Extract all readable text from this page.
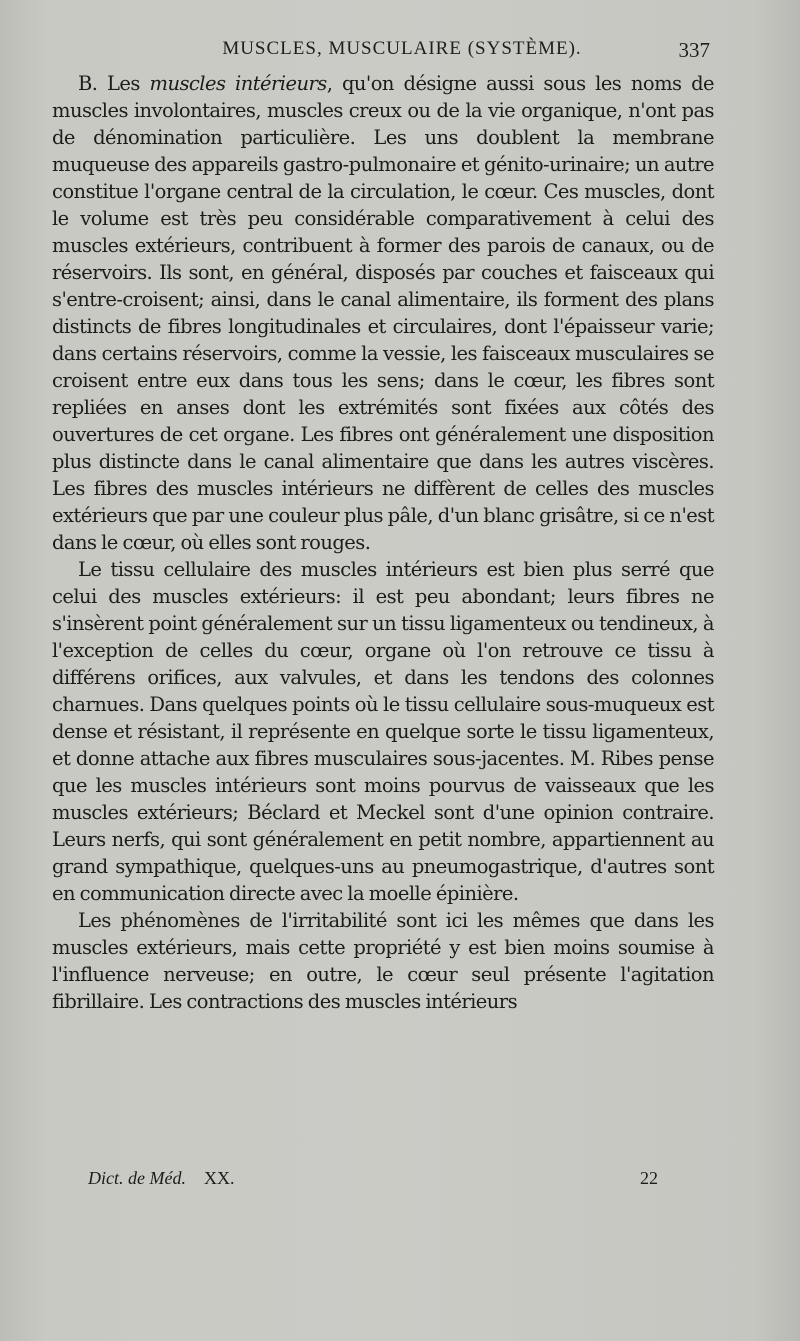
MUSCLES, MUSCULAIRE (SYSTÈME).	337

B. Les muscles intérieurs, qu'on désigne aussi sous les noms de muscles involontaires, muscles creux ou de la vie organique, n'ont pas de dénomination particulière. Les uns doublent la membrane muqueuse des appareils gastro-pulmonaire et génito-urinaire; un autre constitue l'organe central de la circulation, le cœur. Ces muscles, dont le volume est très peu considérable comparativement à celui des muscles extérieurs, contribuent à former des parois de canaux, ou de réservoirs. Ils sont, en général, disposés par couches et faisceaux qui s'entre-croisent; ainsi, dans le canal alimentaire, ils forment des plans distincts de fibres longitudinales et circulaires, dont l'épaisseur varie; dans certains réservoirs, comme la vessie, les faisceaux musculaires se croisent entre eux dans tous les sens; dans le cœur, les fibres sont repliées en anses dont les extrémités sont fixées aux côtés des ouvertures de cet organe. Les fibres ont généralement une disposition plus distincte dans le canal alimentaire que dans les autres viscères. Les fibres des muscles intérieurs ne diffèrent de celles des muscles extérieurs que par une couleur plus pâle, d'un blanc grisâtre, si ce n'est dans le cœur, où elles sont rouges.

Le tissu cellulaire des muscles intérieurs est bien plus serré que celui des muscles extérieurs: il est peu abondant; leurs fibres ne s'insèrent point généralement sur un tissu ligamenteux ou tendineux, à l'exception de celles du cœur, organe où l'on retrouve ce tissu à différens orifices, aux valvules, et dans les tendons des colonnes charnues. Dans quelques points où le tissu cellulaire sous-muqueux est dense et résistant, il représente en quelque sorte le tissu ligamenteux, et donne attache aux fibres musculaires sous-jacentes. M. Ribes pense que les muscles intérieurs sont moins pourvus de vaisseaux que les muscles extérieurs; Béclard et Meckel sont d'une opinion contraire. Leurs nerfs, qui sont généralement en petit nombre, appartiennent au grand sympathique, quelques-uns au pneumogastrique, d'autres sont en communication directe avec la moelle épinière.

Les phénomènes de l'irritabilité sont ici les mêmes que dans les muscles extérieurs, mais cette propriété y est bien moins soumise à l'influence nerveuse; en outre, le cœur seul présente l'agitation fibrillaire. Les contractions des muscles intérieurs

Dict. de Méd. XX.	22
